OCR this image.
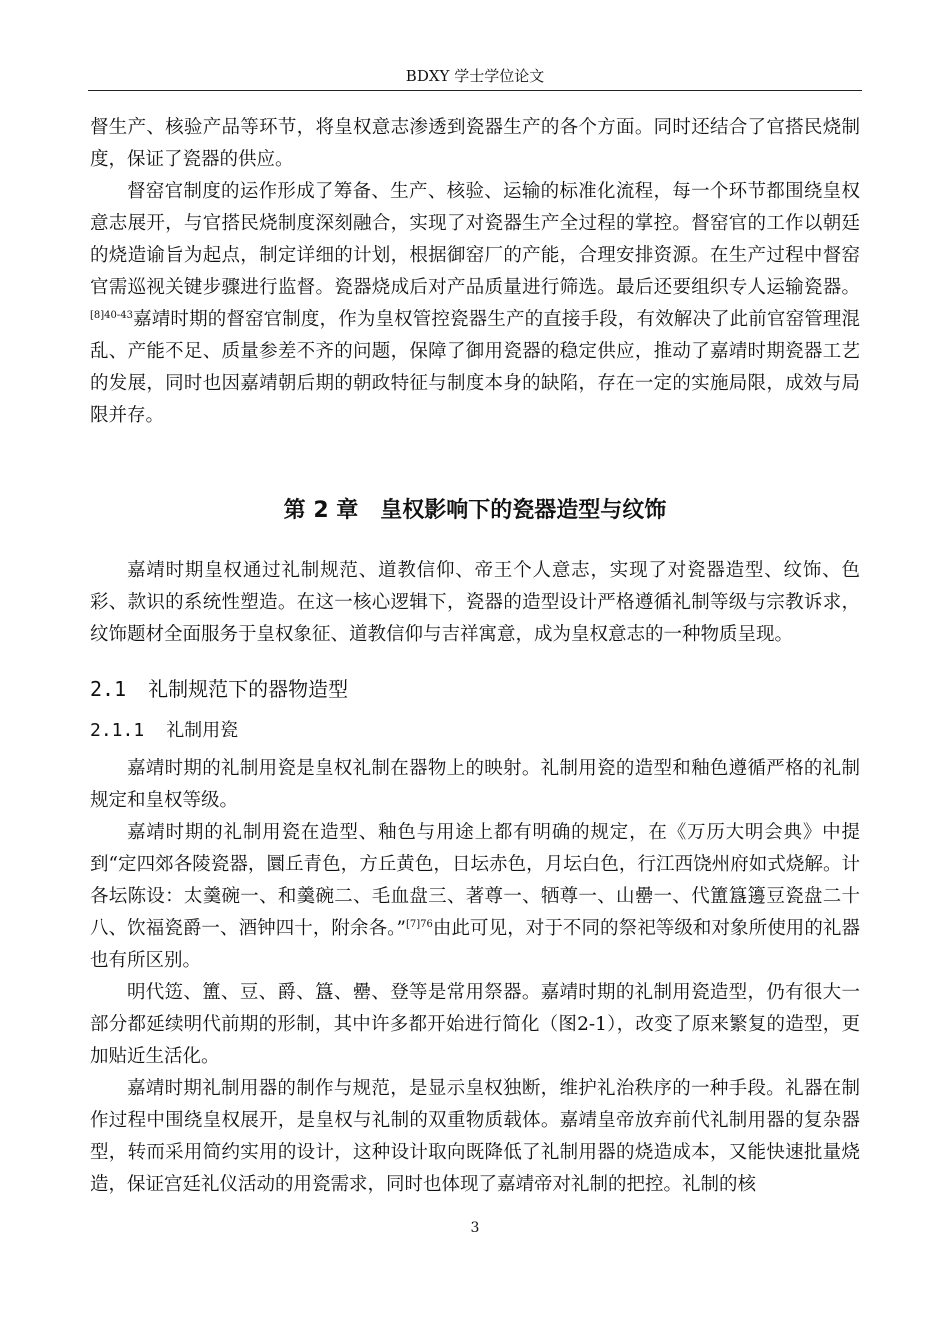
BDXY 学士学位论文

督生产、核验产品等环节，将皇权意志渗透到瓷器生产的各个方面。同时还结合了官搭民烧制度，保证了瓷器的供应。

督窑官制度的运作形成了筹备、生产、核验、运输的标准化流程，每一个环节都围绕皇权意志展开，与官搭民烧制度深刻融合，实现了对瓷器生产全过程的掌控。督窑官的工作以朝廷的烧造谕旨为起点，制定详细的计划，根据御窑厂的产能，合理安排资源。在生产过程中督窑官需巡视关键步骤进行监督。瓷器烧成后对产品质量进行筛选。最后还要组织专人运输瓷器。$^{[8]40-43}$嘉靖时期的督窑官制度，作为皇权管控瓷器生产的直接手段，有效解决了此前官窑管理混乱、产能不足、质量参差不齐的问题，保障了御用瓷器的稳定供应，推动了嘉靖时期瓷器工艺的发展，同时也因嘉靖朝后期的朝政特征与制度本身的缺陷，存在一定的实施局限，成效与局限并存。

第 2 章　皇权影响下的瓷器造型与纹饰

嘉靖时期皇权通过礼制规范、道教信仰、帝王个人意志，实现了对瓷器造型、纹饰、色彩、款识的系统性塑造。在这一核心逻辑下，瓷器的造型设计严格遵循礼制等级与宗教诉求，纹饰题材全面服务于皇权象征、道教信仰与吉祥寓意，成为皇权意志的一种物质呈现。

2.1 礼制规范下的器物造型
2.1.1 礼制用瓷

嘉靖时期的礼制用瓷是皇权礼制在器物上的映射。礼制用瓷的造型和釉色遵循严格的礼制规定和皇权等级。

嘉靖时期的礼制用瓷在造型、釉色与用途上都有明确的规定，在《万历大明会典》中提到“定四郊各陵瓷器，圜丘青色，方丘黄色，日坛赤色，月坛白色，行江西饶州府如式烧解。计各坛陈设：太羹碗一、和羹碗二、毛血盘三、著尊一、牺尊一、山罍一、代簠簋籩豆瓷盘二十八、饮福瓷爵一、酒钟四十，附余各。”$^{[7]76}$由此可见，对于不同的祭祀等级和对象所使用的礼器也有所区别。

明代笾、簠、豆、爵、簋、罍、登等是常用祭器。嘉靖时期的礼制用瓷造型，仍有很大一部分都延续明代前期的形制，其中许多都开始进行简化（图2-1），改变了原来繁复的造型，更加贴近生活化。

嘉靖时期礼制用器的制作与规范，是显示皇权独断，维护礼治秩序的一种手段。礼器在制作过程中围绕皇权展开，是皇权与礼制的双重物质载体。嘉靖皇帝放弃前代礼制用器的复杂器型，转而采用简约实用的设计，这种设计取向既降低了礼制用器的烧造成本，又能快速批量烧造，保证宫廷礼仪活动的用瓷需求，同时也体现了嘉靖帝对礼制的把控。礼制的核

3
